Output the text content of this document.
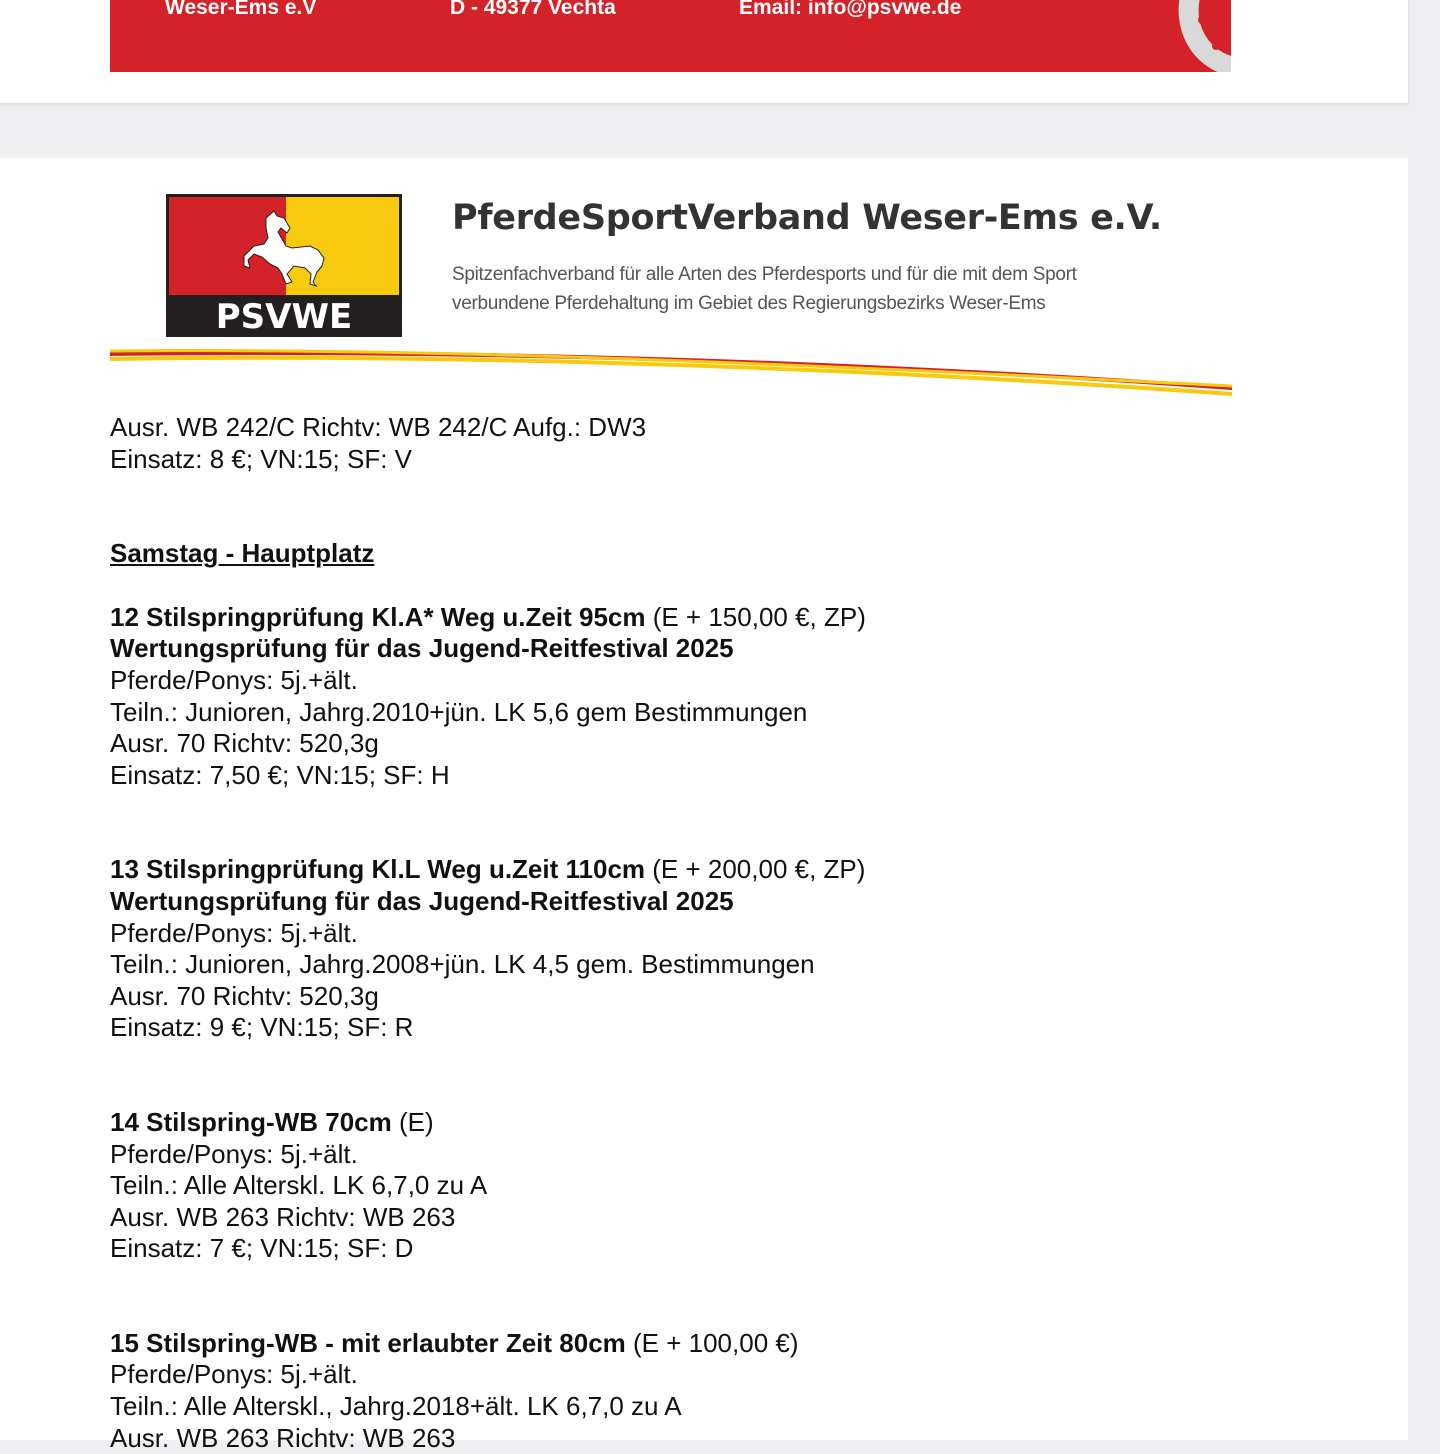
Weser-Ems e.V	D - 49377 Vechta	Email: info@psvwe.de
PSVWE
PferdeSportVerband Weser-Ems e.V.
Spitzenfachverband für alle Arten des Pferdesports und für die mit dem Sport
verbundene Pferdehaltung im Gebiet des Regierungsbezirks Weser-Ems
Ausr. WB 242/C Richtv: WB 242/C Aufg.: DW3
Einsatz: 8 €; VN:15; SF: V
Samstag - Hauptplatz
12 Stilspringprüfung Kl.A* Weg u.Zeit 95cm (E + 150,00 €, ZP)
Wertungsprüfung für das Jugend-Reitfestival 2025
Pferde/Ponys: 5j.+ält.
Teiln.: Junioren, Jahrg.2010+jün. LK 5,6 gem Bestimmungen
Ausr. 70 Richtv: 520,3g
Einsatz: 7,50 €; VN:15; SF: H
13 Stilspringprüfung Kl.L Weg u.Zeit 110cm (E + 200,00 €, ZP)
Wertungsprüfung für das Jugend-Reitfestival 2025
Pferde/Ponys: 5j.+ält.
Teiln.: Junioren, Jahrg.2008+jün. LK 4,5 gem. Bestimmungen
Ausr. 70 Richtv: 520,3g
Einsatz: 9 €; VN:15; SF: R
14 Stilspring-WB 70cm (E)
Pferde/Ponys: 5j.+ält.
Teiln.: Alle Alterskl. LK 6,7,0 zu A
Ausr. WB 263 Richtv: WB 263
Einsatz: 7 €; VN:15; SF: D
15 Stilspring-WB - mit erlaubter Zeit 80cm (E + 100,00 €)
Pferde/Ponys: 5j.+ält.
Teiln.: Alle Alterskl., Jahrg.2018+ält. LK 6,7,0 zu A
Ausr. WB 263 Richtv: WB 263
